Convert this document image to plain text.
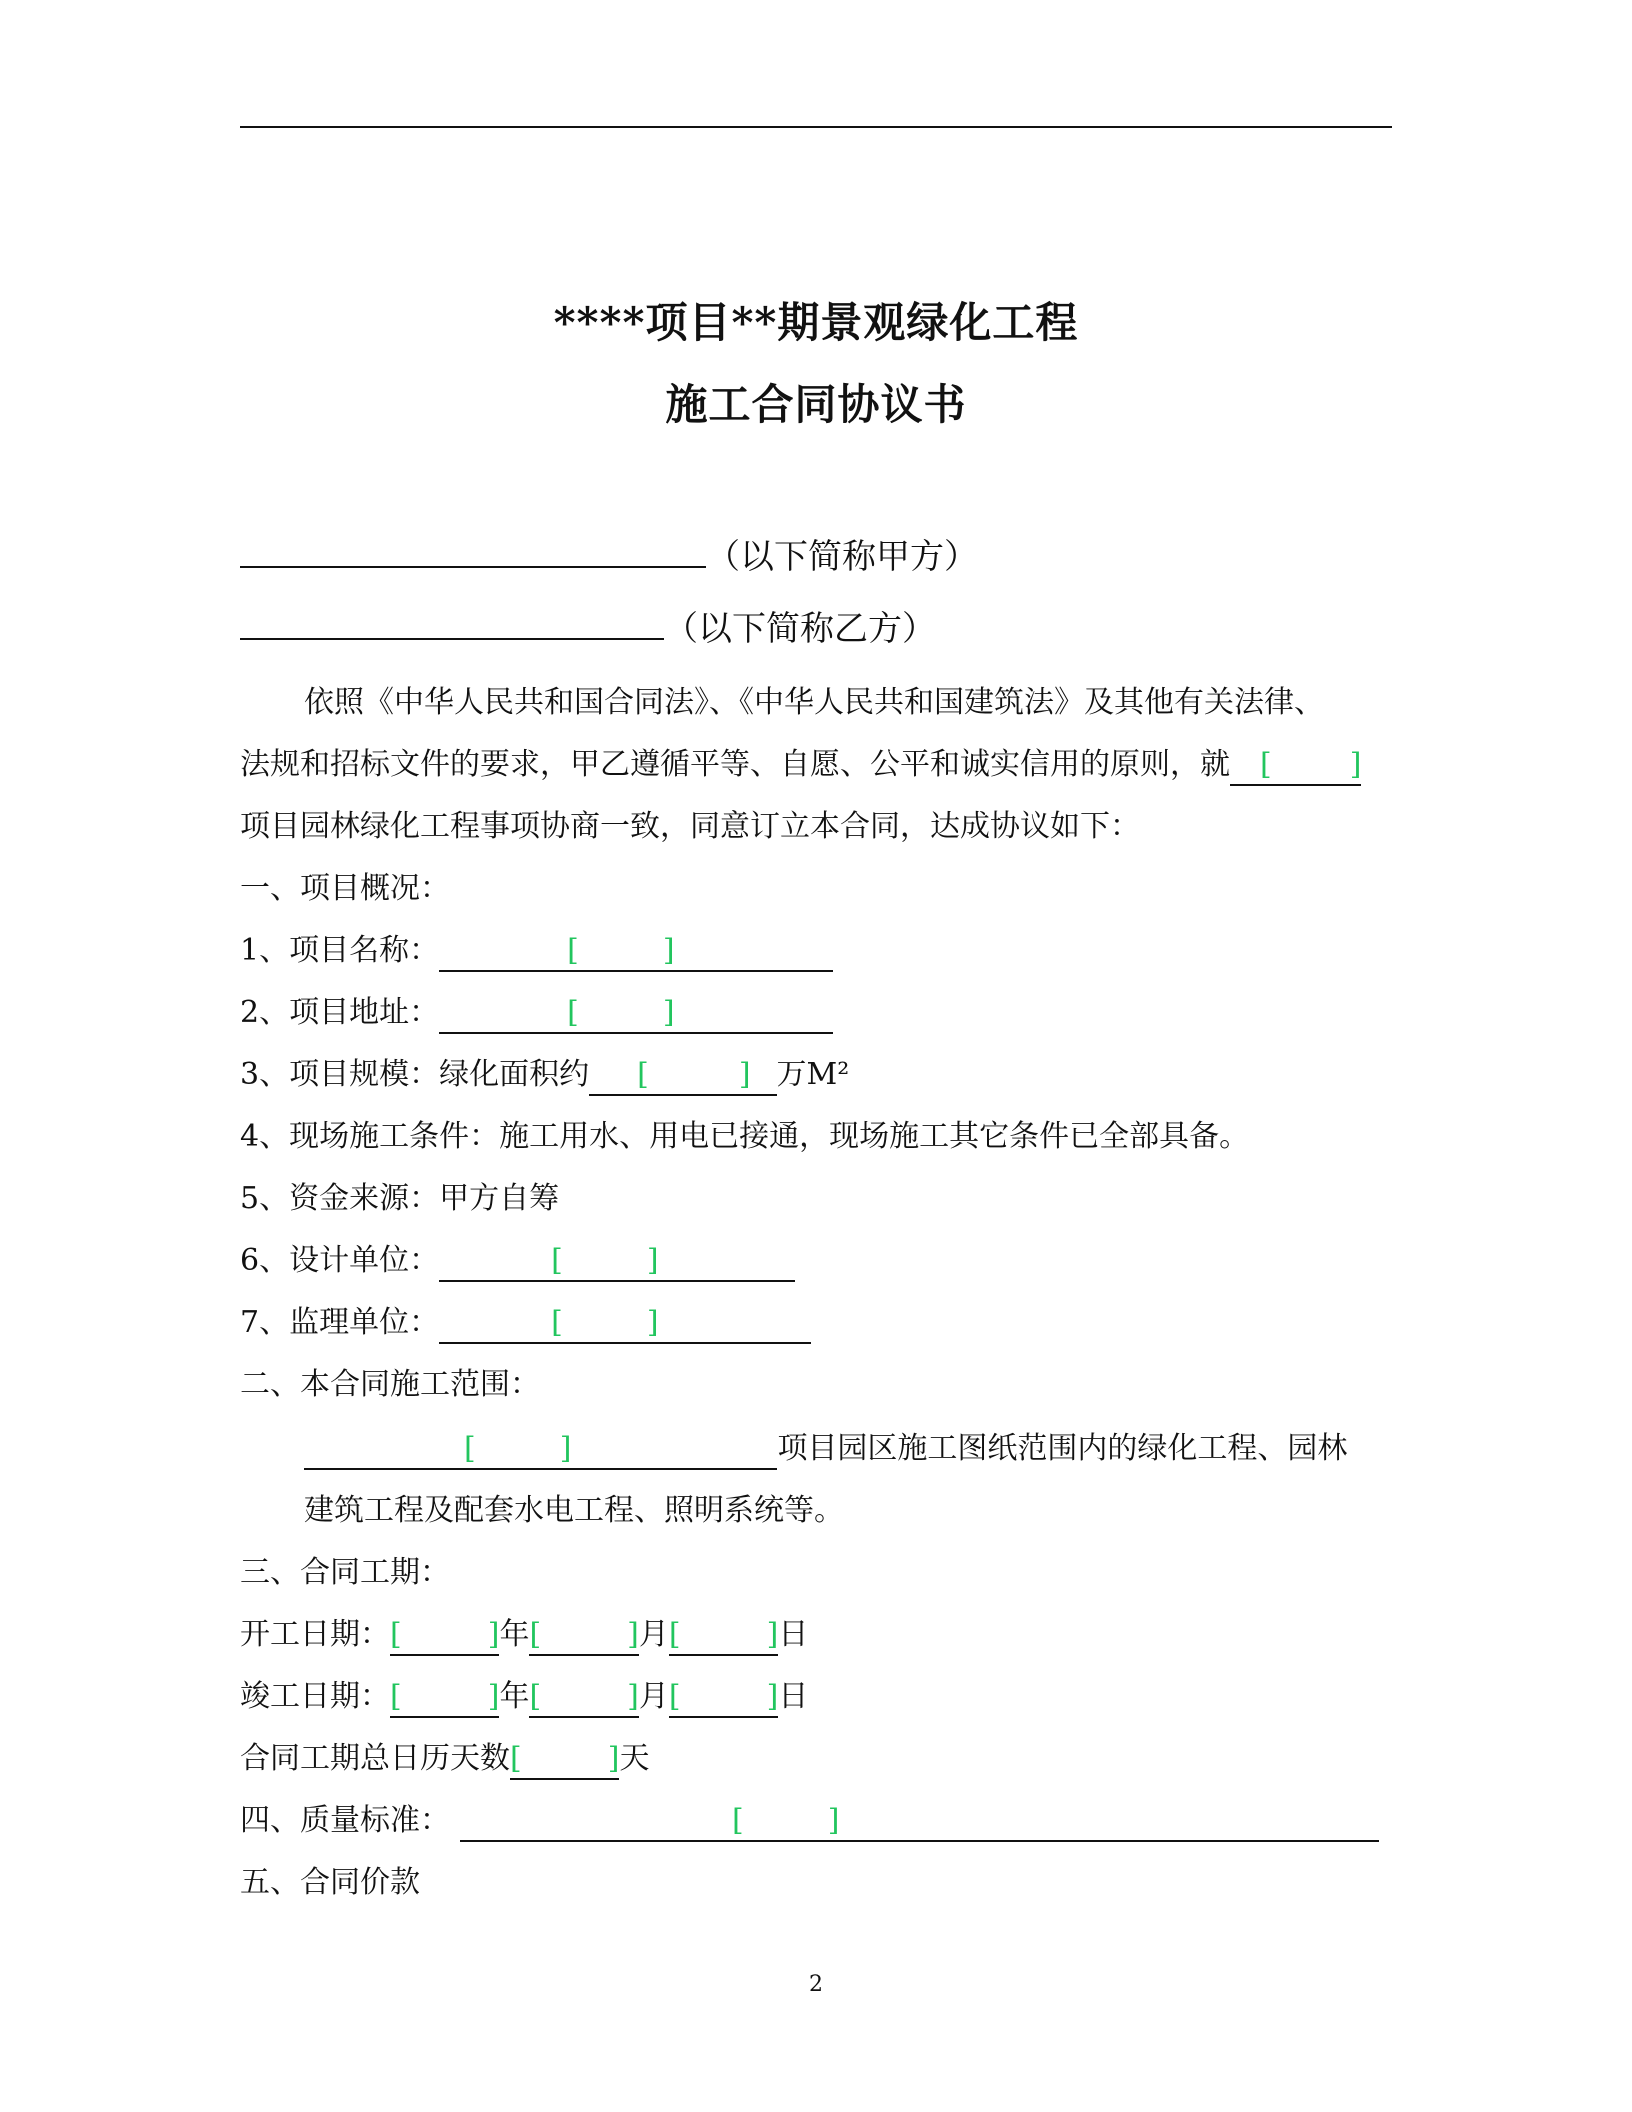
****项目**期景观绿化工程
施工合同协议书
（以下简称甲方）
（以下简称乙方）
依照《中华人民共和国合同法》、《中华人民共和国建筑法》及其他有关法律、
法规和招标文件的要求，甲乙遵循平等、自愿、公平和诚实信用的原则，就 [	]
项目园林绿化工程事项协商一致，同意订立本合同，达成协议如下：
一、项目概况：
1、项目名称：	[	]
2、项目地址：	[	]
3、项目规模：绿化面积约 [	] 万M²
4、现场施工条件：施工用水、用电已接通，现场施工其它条件已全部具备。
5、资金来源：甲方自筹
6、设计单位：	[	]
7、监理单位：	[	]
二、本合同施工范围：
[	]	项目园区施工图纸范围内的绿化工程、园林
建筑工程及配套水电工程、照明系统等。
三、合同工期：
开工日期：[	]年[	]月[	]日
竣工日期：[	]年[	]月[	]日
合同工期总日历天数[	]天
四、质量标准：	[	]
五、合同价款
2
